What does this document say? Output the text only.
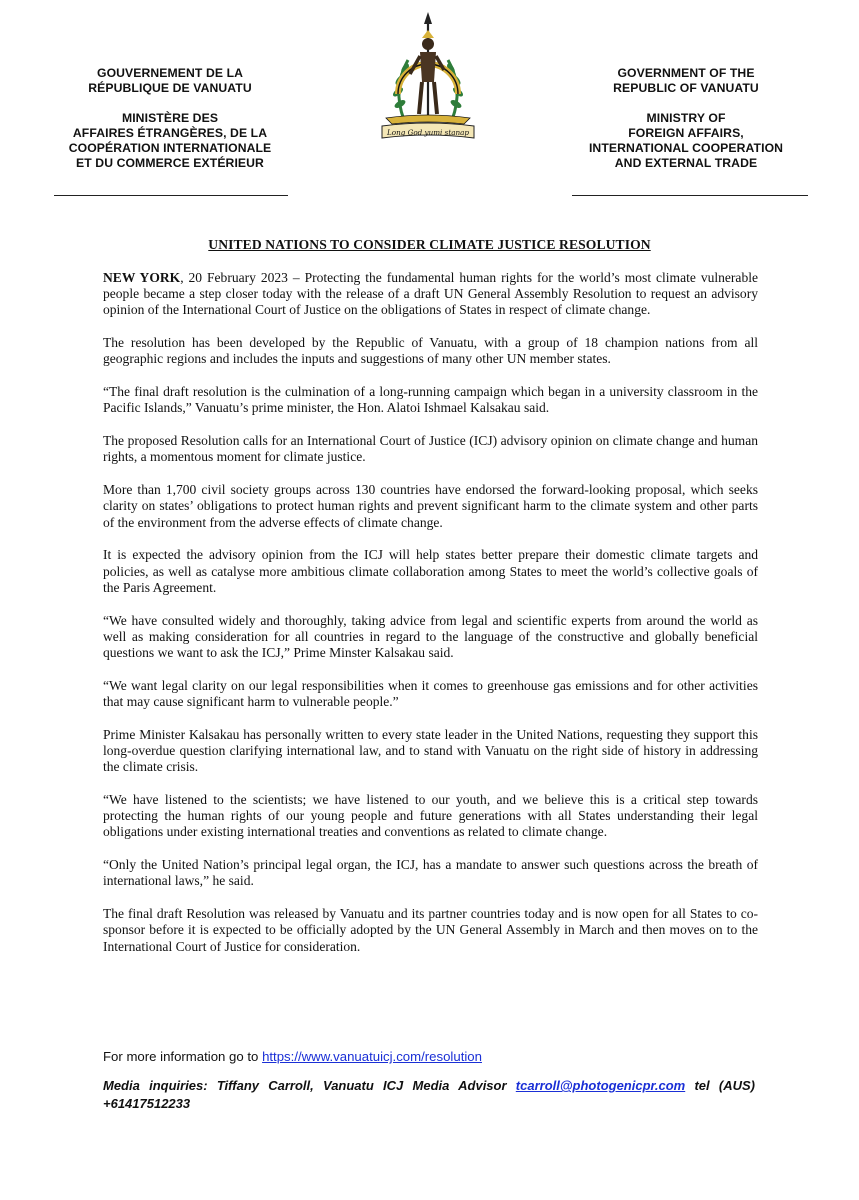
GOUVERNEMENT DE LA
RÉPUBLIQUE DE VANUATU
MINISTÈRE DES
AFFAIRES ÉTRANGÈRES, DE LA
COOPÉRATION INTERNATIONALE
ET DU COMMERCE EXTÉRIEUR
Long God yumi stanap
GOVERNMENT OF THE
REPUBLIC OF VANUATU
MINISTRY OF
FOREIGN AFFAIRS,
INTERNATIONAL COOPERATION
AND EXTERNAL TRADE
UNITED NATIONS TO CONSIDER CLIMATE JUSTICE RESOLUTION

NEW YORK, 20 February 2023 – Protecting the fundamental human rights for the world’s most climate vulnerable people became a step closer today with the release of a draft UN General Assembly Resolution to request an advisory opinion of the International Court of Justice on the obligations of States in respect of climate change.

The resolution has been developed by the Republic of Vanuatu, with a group of 18 champion nations from all geographic regions and includes the inputs and suggestions of many other UN member states.

“The final draft resolution is the culmination of a long-running campaign which began in a university classroom in the Pacific Islands,” Vanuatu’s prime minister, the Hon. Alatoi Ishmael Kalsakau said.

The proposed Resolution calls for an International Court of Justice (ICJ) advisory opinion on climate change and human rights, a momentous moment for climate justice.

More than 1,700 civil society groups across 130 countries have endorsed the forward-looking proposal, which seeks clarity on states’ obligations to protect human rights and prevent significant harm to the climate system and other parts of the environment from the adverse effects of climate change.

It is expected the advisory opinion from the ICJ will help states better prepare their domestic climate targets and policies, as well as catalyse more ambitious climate collaboration among States to meet the world’s collective goals of the Paris Agreement.

“We have consulted widely and thoroughly, taking advice from legal and scientific experts from around the world as well as making consideration for all countries in regard to the language of the constructive and globally beneficial questions we want to ask the ICJ,” Prime Minster Kalsakau said.

“We want legal clarity on our legal responsibilities when it comes to greenhouse gas emissions and for other activities that may cause significant harm to vulnerable people.”

Prime Minister Kalsakau has personally written to every state leader in the United Nations, requesting they support this long-overdue question clarifying international law, and to stand with Vanuatu on the right side of history in addressing the climate crisis.

“We have listened to the scientists; we have listened to our youth, and we believe this is a critical step towards protecting the human rights of our young people and future generations with all States understanding their legal obligations under existing international treaties and conventions as related to climate change.

“Only the United Nation’s principal legal organ, the ICJ, has a mandate to answer such questions across the breath of international laws,” he said.

The final draft Resolution was released by Vanuatu and its partner countries today and is now open for all States to co-sponsor before it is expected to be officially adopted by the UN General Assembly in March and then moves on to the International Court of Justice for consideration.

For more information go to https://www.vanuatuicj.com/resolution
Media inquiries: Tiffany Carroll, Vanuatu ICJ Media Advisor tcarroll@photogenicpr.com tel (AUS) +61417512233
